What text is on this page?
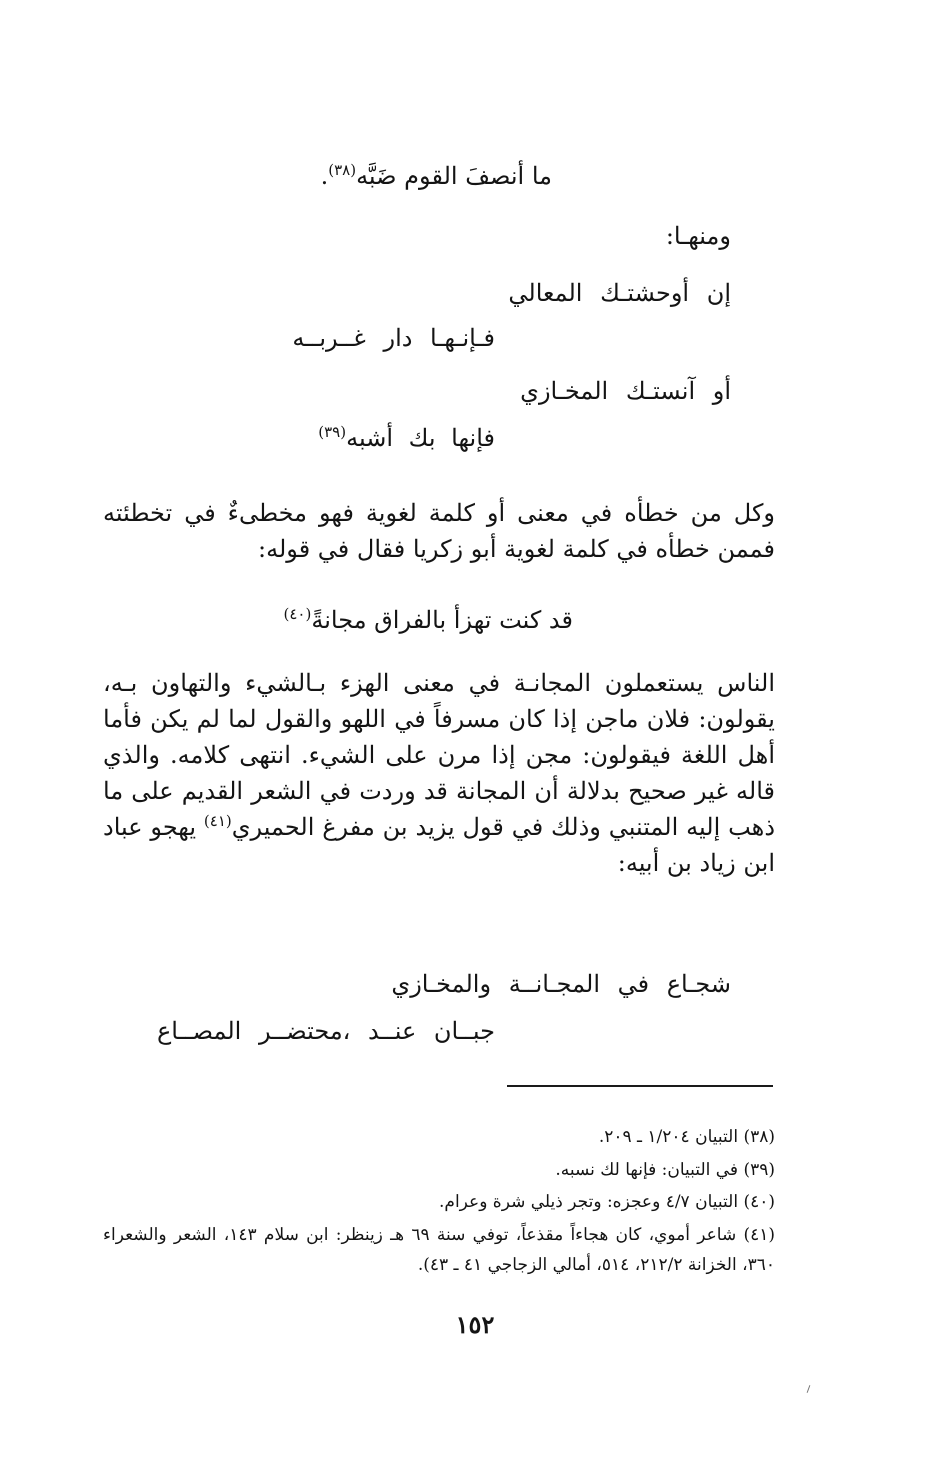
ما أنصفَ القوم ضَبَّه$^{(٣٨)}$.
ومنهـا:
إن أوحشتـك المعالي
فـإنـهـا دار غــربــه
أو آنستـك المخـازي
فإنها بك أشبه$^{(٣٩)}$
وكل من خطأه في معنى أو كلمة لغوية فهو مخطىءٌ في تخطئته فممن خطأه في كلمة لغوية أبو زكريا فقال في قوله:
قد كنت تهزأ بالفراق مجانةً$^{(٤٠)}$
الناس يستعملون المجانـة في معنى الهزء بـالشيء والتهاون بـه، يقولون: فلان ماجن إذا كان مسرفاً في اللهو والقول لما لم يكن فأما أهل اللغة فيقولون: مجن إذا مرن على الشيء. انتهى كلامه. والذي قاله غير صحيح بدلالة أن المجانة قد وردت في الشعر القديم على ما ذهب إليه المتنبي وذلك في قول يزيد بن مفرغ الحميري$^{(٤١)}$ يهجو عباد ابن زياد بن أبيه:
شجـاع في المجـانــة والمخـازي
جبــان عنــد ،محتضــر المصــاع
(٣٨) التبيان ١/٢٠٤ ـ ٢٠٩.
(٣٩) في التبيان: فإنها لك نسبه.
(٤٠) التبيان ٤/٧ وعجزه: وتجر ذيلي شرة وعرام.
(٤١) شاعر أموي، كان هجاءاً مقذعاً، توفي سنة ٦٩ هـ زينظر: ابن سلام ١٤٣، الشعر والشعراء ٣٦٠، الخزانة ٢١٢/٢، ٥١٤، أمالي الزجاجي ٤١ ـ ٤٣).
١٥٢
